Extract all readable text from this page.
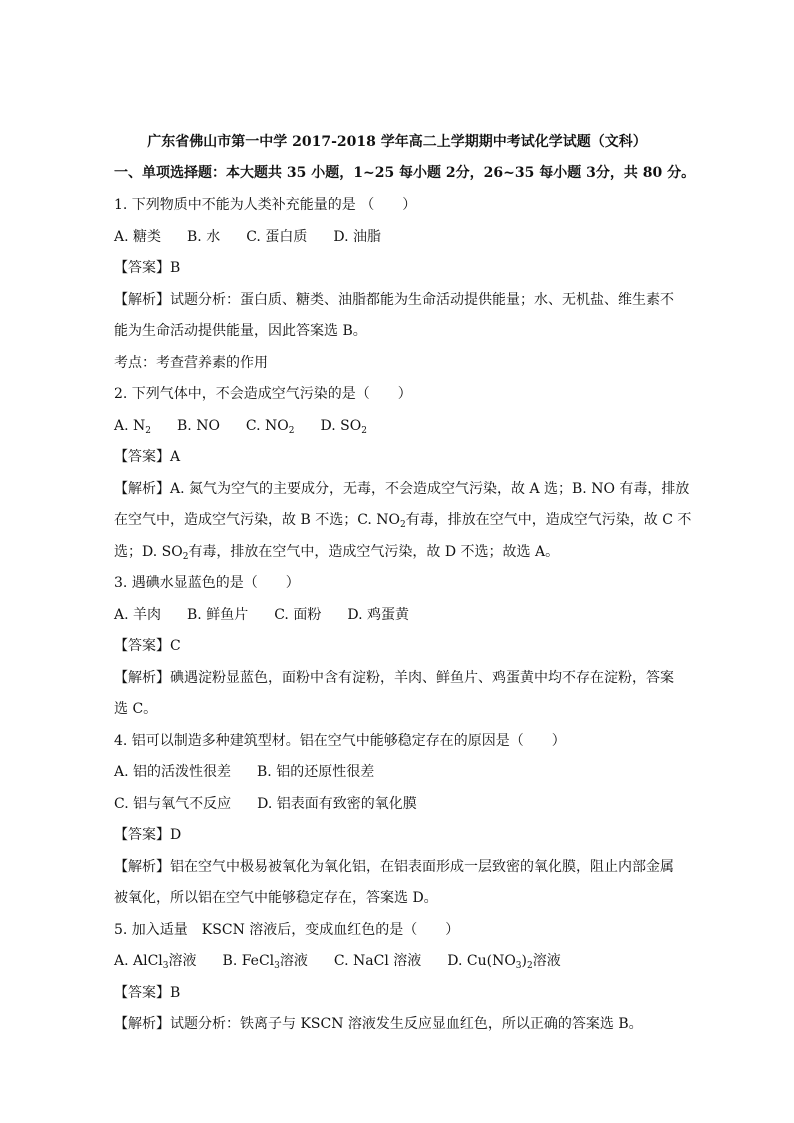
广东省佛山市第一中学 2017-2018 学年高二上学期期中考试化学试题（文科）
一、单项选择题：本大题共 35 小题，1~25 每小题 2分，26~35 每小题 3分，共 80 分。
1. 下列物质中不能为人类补充能量的是 （　　）
A. 糖类 B. 水 C. 蛋白质 D. 油脂
【答案】B
【解析】试题分析：蛋白质、糖类、油脂都能为生命活动提供能量；水、无机盐、维生素不
能为生命活动提供能量，因此答案选 B。
考点：考查营养素的作用
2. 下列气体中，不会造成空气污染的是（　　）
A. $N_2$ B. NO C. $NO_2$ D. $SO_2$
【答案】A
【解析】A. 氮气为空气的主要成分，无毒，不会造成空气污染，故 A 选；B. NO 有毒，排放
在空气中，造成空气污染，故 B 不选；C. $NO_2$有毒，排放在空气中，造成空气污染，故 C 不
选；D. $SO_2$有毒，排放在空气中，造成空气污染，故 D 不选；故选 A。
3. 遇碘水显蓝色的是（　　）
A. 羊肉 B. 鲜鱼片 C. 面粉 D. 鸡蛋黄
【答案】C
【解析】碘遇淀粉显蓝色，面粉中含有淀粉，羊肉、鲜鱼片、鸡蛋黄中均不存在淀粉，答案
选 C。
4. 铝可以制造多种建筑型材。铝在空气中能够稳定存在的原因是（　　）
A. 铝的活泼性很差 B. 铝的还原性很差
C. 铝与氧气不反应 D. 铝表面有致密的氧化膜
【答案】D
【解析】铝在空气中极易被氧化为氧化铝，在铝表面形成一层致密的氧化膜，阻止内部金属
被氧化，所以铝在空气中能够稳定存在，答案选 D。
5. 加入适量　KSCN 溶液后，变成血红色的是（　　）
A. AlCl$_3$溶液 B. FeCl$_3$溶液 C. NaCl 溶液 D. $Cu(NO_3)_2$溶液
【答案】B
【解析】试题分析：铁离子与 KSCN 溶液发生反应显血红色，所以正确的答案选 B。
